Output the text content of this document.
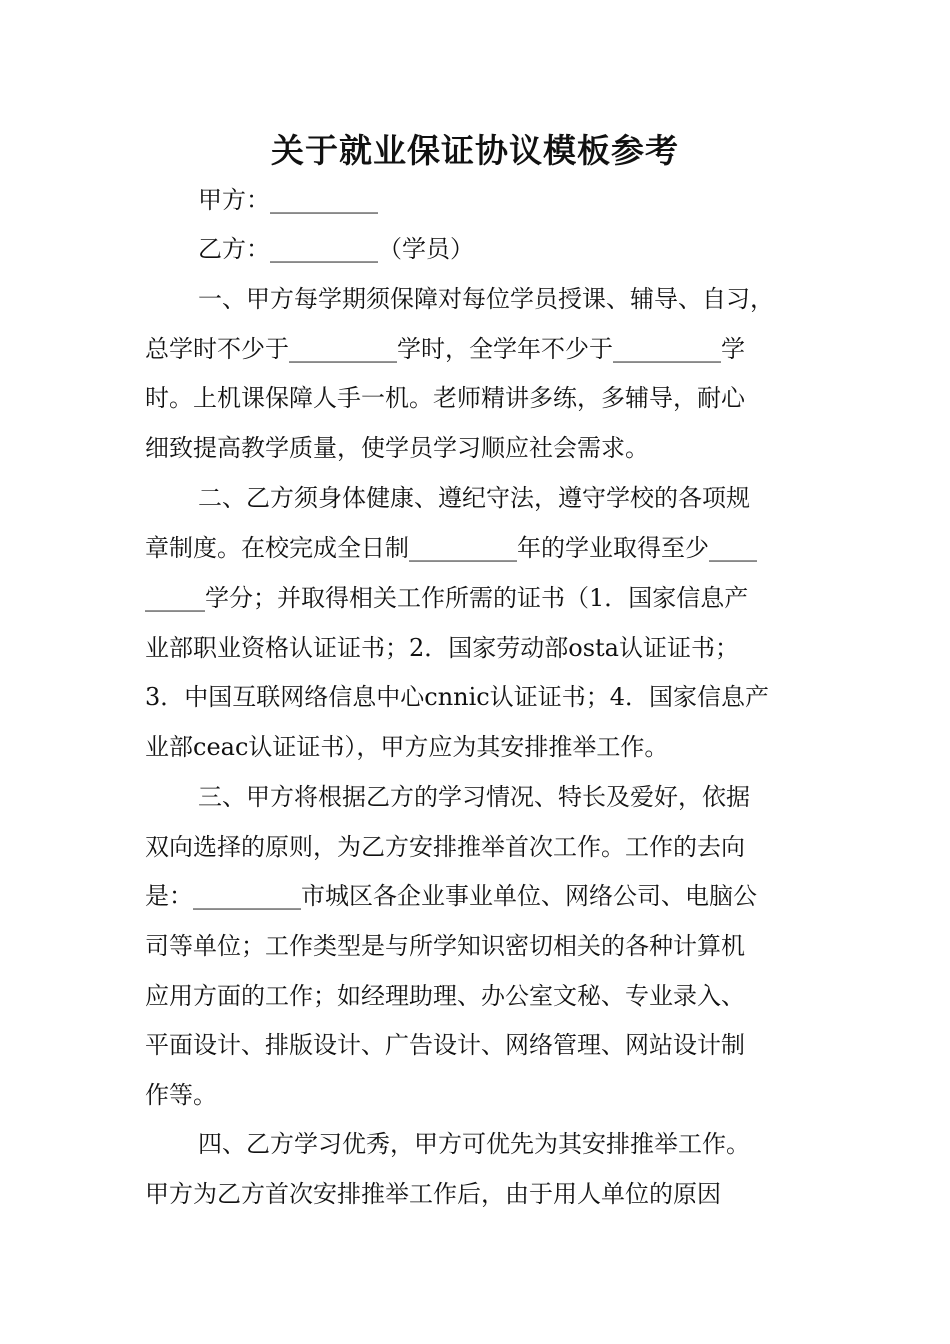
关于就业保证协议模板参考
甲方：_________
乙方：_________（学员）
一、甲方每学期须保障对每位学员授课、辅导、自习，
总学时不少于_________学时，全学年不少于_________学
时。上机课保障人手一机。老师精讲多练，多辅导，耐心
细致提高教学质量，使学员学习顺应社会需求。
二、乙方须身体健康、遵纪守法，遵守学校的各项规
章制度。在校完成全日制_________年的学业取得至少____
_____学分；并取得相关工作所需的证书（1．国家信息产
业部职业资格认证证书；2．国家劳动部osta认证证书；
3．中国互联网络信息中心cnnic认证证书；4．国家信息产
业部ceac认证证书），甲方应为其安排推举工作。
三、甲方将根据乙方的学习情况、特长及爱好，依据
双向选择的原则，为乙方安排推举首次工作。工作的去向
是：_________市城区各企业事业单位、网络公司、电脑公
司等单位；工作类型是与所学知识密切相关的各种计算机
应用方面的工作；如经理助理、办公室文秘、专业录入、
平面设计、排版设计、广告设计、网络管理、网站设计制
作等。
四、乙方学习优秀，甲方可优先为其安排推举工作。
甲方为乙方首次安排推举工作后，由于用人单位的原因
